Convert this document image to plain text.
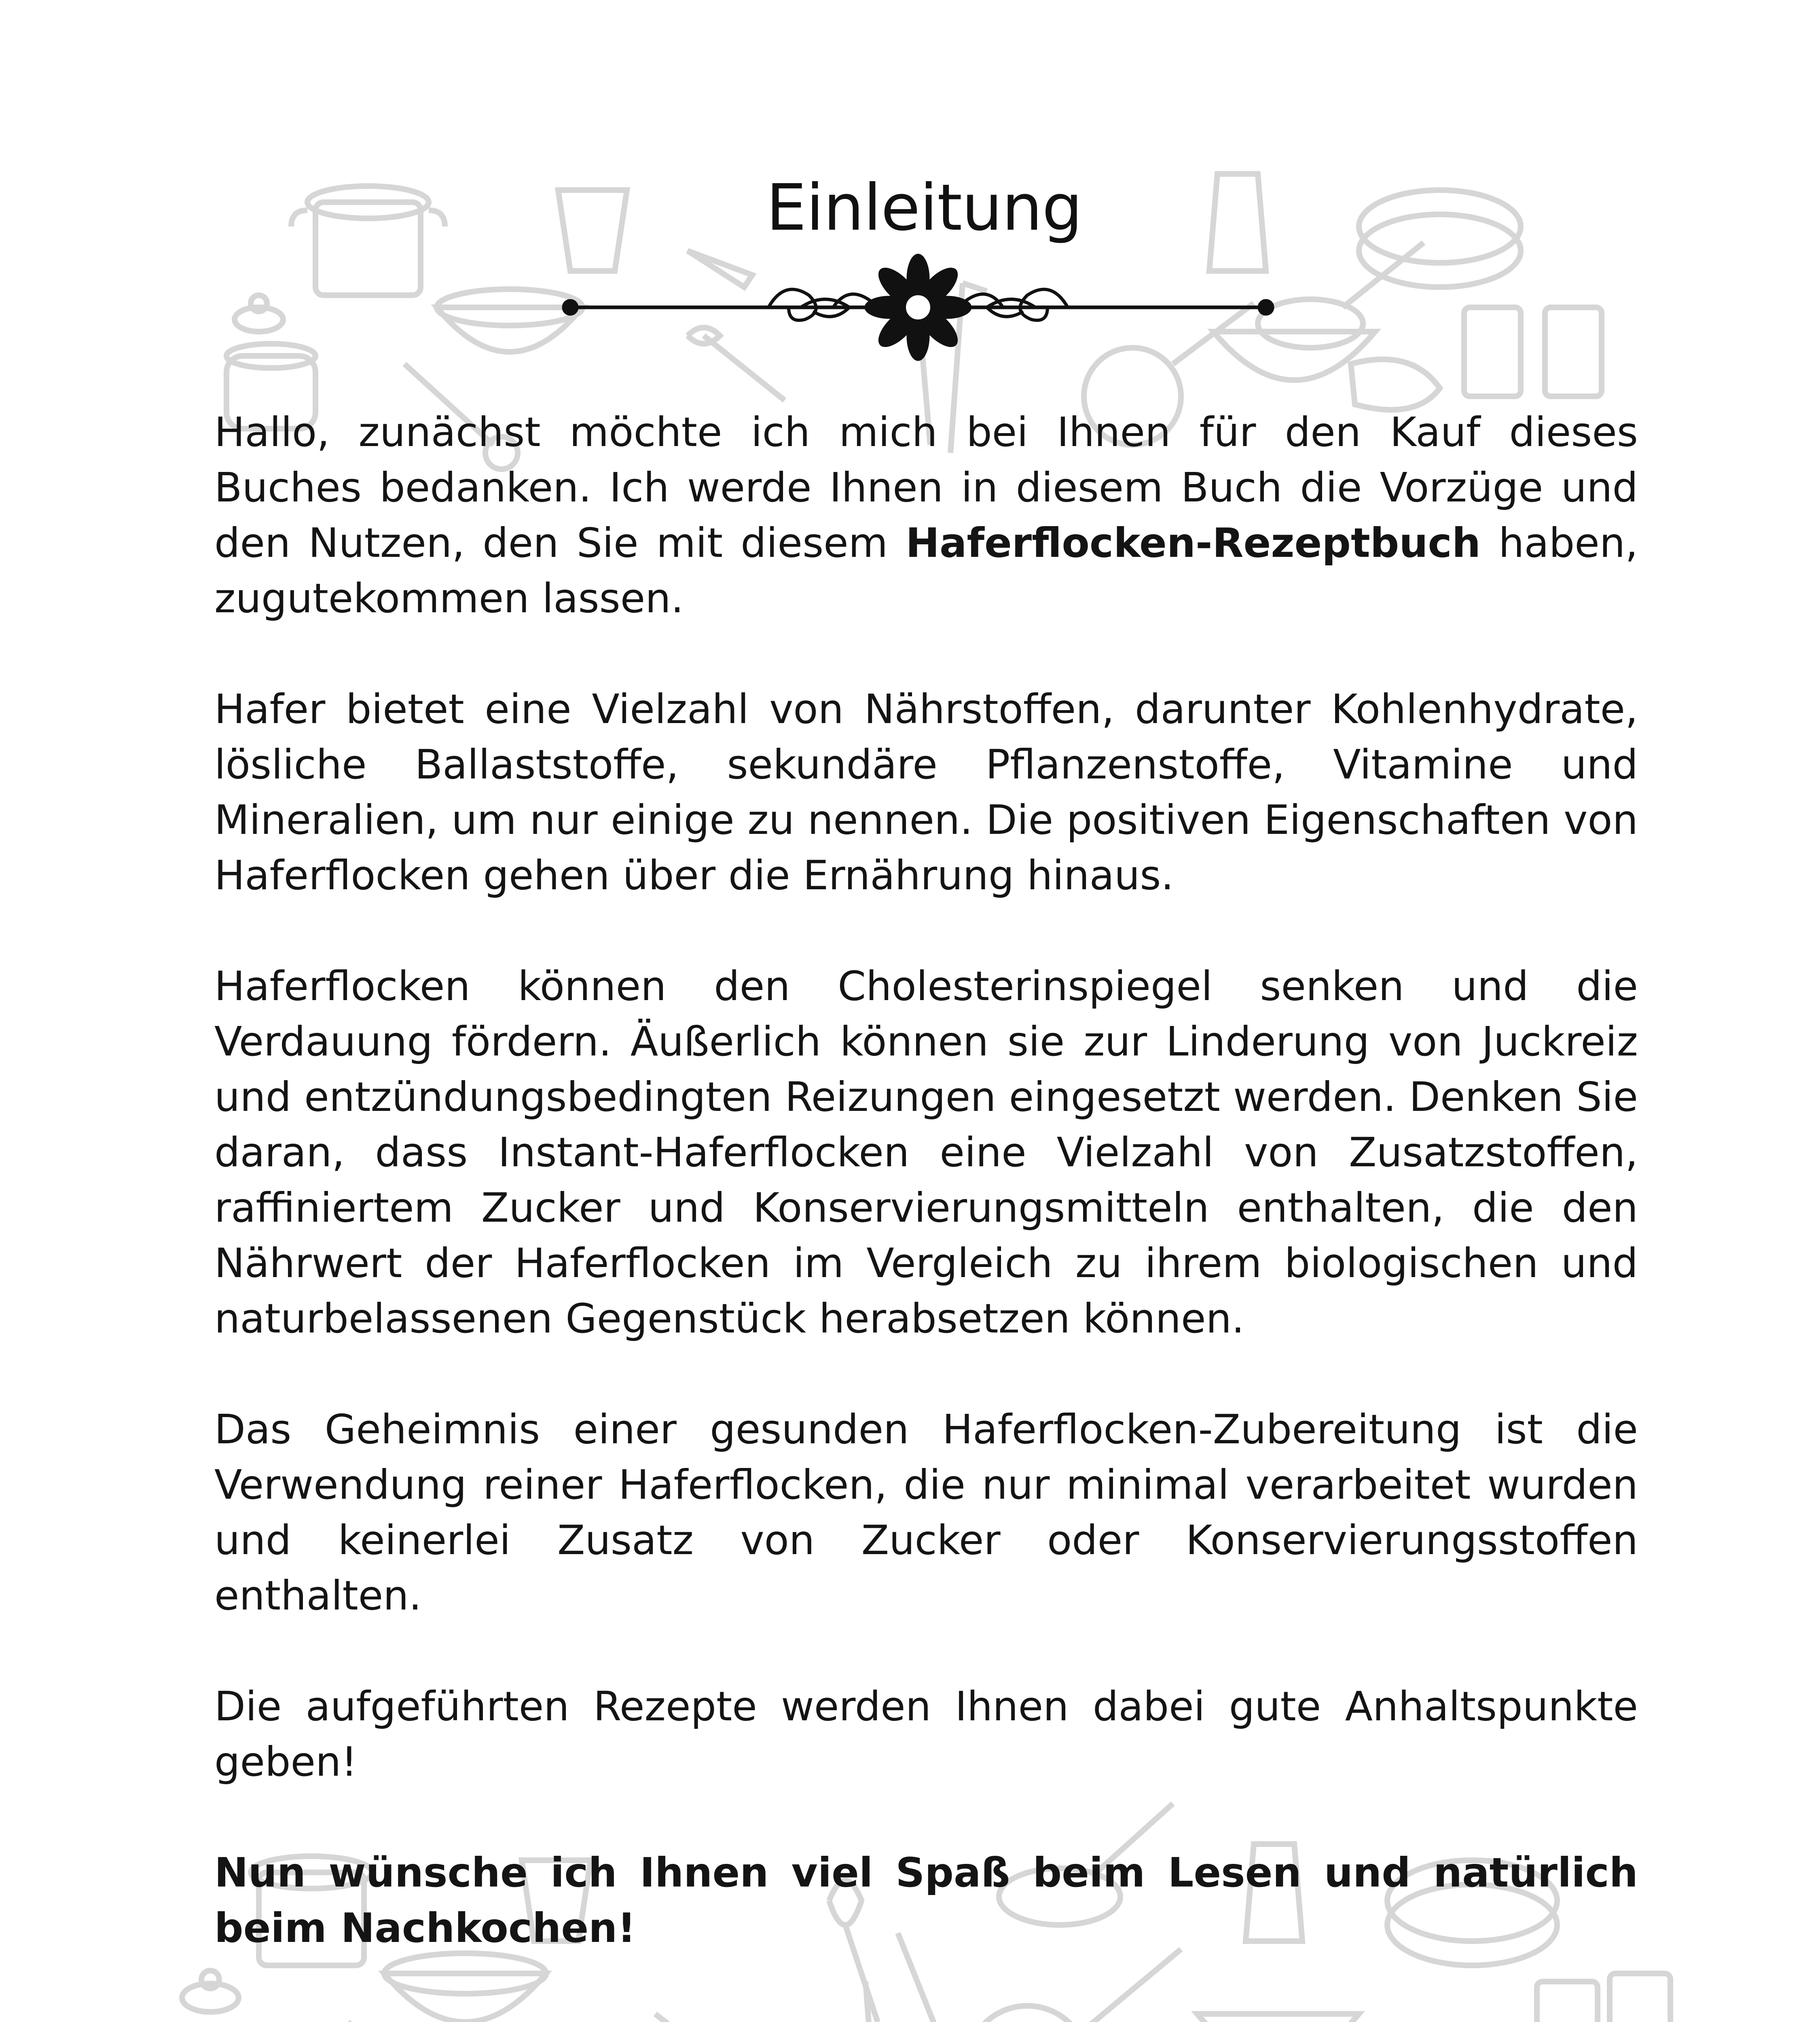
Einleitung

Hallo, zunächst möchte ich mich bei Ihnen für den Kauf dieses Buches bedanken. Ich werde Ihnen in diesem Buch die Vorzüge und den Nutzen, den Sie mit diesem Haferflocken-Rezeptbuch haben, zugutekommen lassen.

Hafer bietet eine Vielzahl von Nährstoffen, darunter Kohlenhydrate, lösliche Ballaststoffe, sekundäre Pflanzenstoffe, Vitamine und Mineralien, um nur einige zu nennen. Die positiven Eigenschaften von Haferflocken gehen über die Ernährung hinaus.

Haferflocken können den Cholesterinspiegel senken und die Verdauung fördern. Äußerlich können sie zur Linderung von Juckreiz und entzündungsbedingten Reizungen eingesetzt werden. Denken Sie daran, dass Instant-Haferflocken eine Vielzahl von Zusatzstoffen, raffiniertem Zucker und Konservierungsmitteln enthalten, die den Nährwert der Haferflocken im Vergleich zu ihrem biologischen und naturbelassenen Gegenstück herabsetzen können.

Das Geheimnis einer gesunden Haferflocken-Zubereitung ist die Verwendung reiner Haferflocken, die nur minimal verarbeitet wurden und keinerlei Zusatz von Zucker oder Konservierungsstoffen enthalten.

Die aufgeführten Rezepte werden Ihnen dabei gute Anhaltspunkte geben!

Nun wünsche ich Ihnen viel Spaß beim Lesen und natürlich beim Nachkochen!
